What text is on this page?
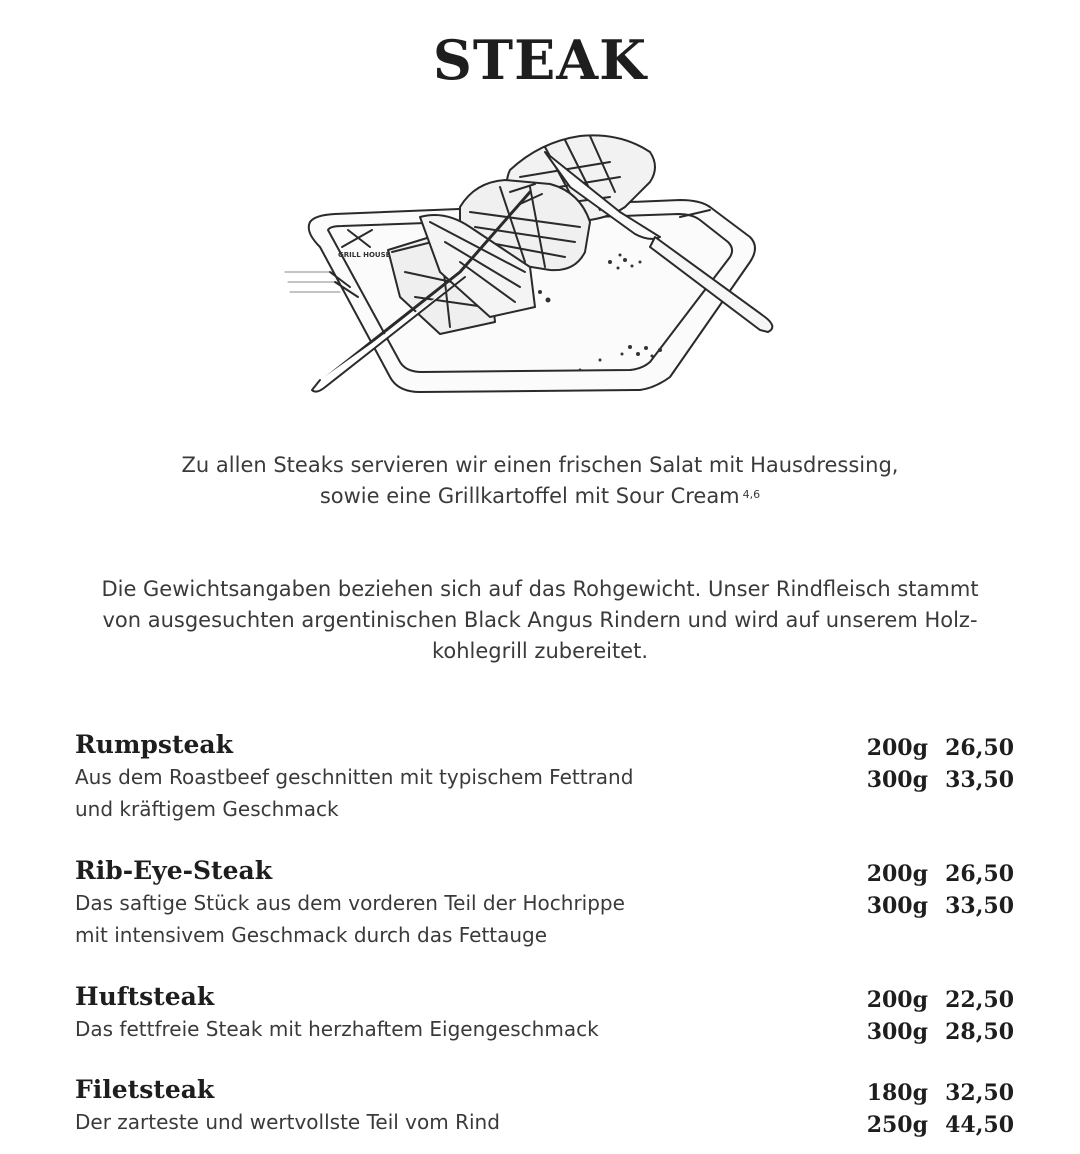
STEAK
GRILL HOUSE
Zu allen Steaks servieren wir einen frischen Salat mit Hausdressing,
sowie eine Grillkartoffel mit Sour Cream $^{4,6}$
Die Gewichtsangaben beziehen sich auf das Rohgewicht. Unser Rindfleisch stammt
von ausgesuchten argentinischen Black Angus Rindern und wird auf unserem Holz-
kohlegrill zubereitet.
Rumpsteak
Aus dem Roastbeef geschnitten mit typischem Fettrand
und kräftigem Geschmack
200g 26,50
300g 33,50
Rib-Eye-Steak
Das saftige Stück aus dem vorderen Teil der Hochrippe
mit intensivem Geschmack durch das Fettauge
200g 26,50
300g 33,50
Huftsteak
Das fettfreie Steak mit herzhaftem Eigengeschmack
200g 22,50
300g 28,50
Filetsteak
Der zarteste und wertvollste Teil vom Rind
180g 32,50
250g 44,50
